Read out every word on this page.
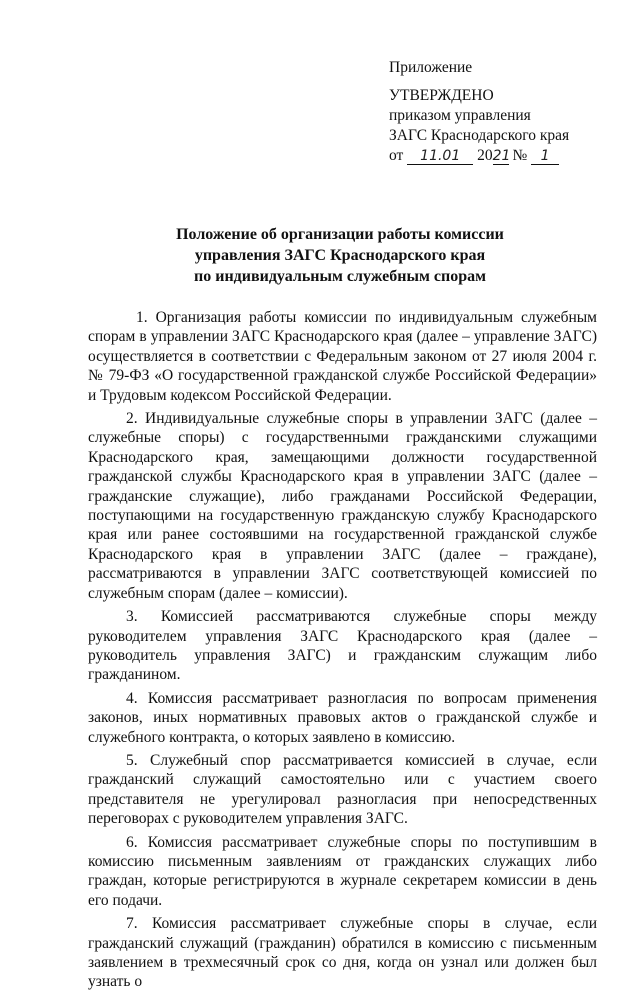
Приложение
УТВЕРЖДЕНО
приказом управления
ЗАГС Краснодарского края
от 11.01 2021 № 1
Положение об организации работы комиссии
управления ЗАГС Краснодарского края
по индивидуальным служебным спорам

1. Организация работы комиссии по индивидуальным служебным спорам в управлении ЗАГС Краснодарского края (далее – управление ЗАГС) осуществляется в соответствии с Федеральным законом от 27 июля 2004 г. № 79-ФЗ «О государственной гражданской службе Российской Федерации» и Трудовым кодексом Российской Федерации.

2. Индивидуальные служебные споры в управлении ЗАГС (далее – служебные споры) с государственными гражданскими служащими Краснодарского края, замещающими должности государственной гражданской службы Краснодарского края в управлении ЗАГС (далее – гражданские служащие), либо гражданами Российской Федерации, поступающими на государственную гражданскую службу Краснодарского края или ранее состоявшими на государственной гражданской службе Краснодарского края в управлении ЗАГС (далее – граждане), рассматриваются в управлении ЗАГС соответствующей комиссией по служебным спорам (далее – комиссии).

3. Комиссией рассматриваются служебные споры между руководителем управления ЗАГС Краснодарского края (далее – руководитель управления ЗАГС) и гражданским служащим либо гражданином.

4. Комиссия рассматривает разногласия по вопросам применения законов, иных нормативных правовых актов о гражданской службе и служебного контракта, о которых заявлено в комиссию.

5. Служебный спор рассматривается комиссией в случае, если гражданский служащий самостоятельно или с участием своего представителя не урегулировал разногласия при непосредственных переговорах с руководителем управления ЗАГС.

6. Комиссия рассматривает служебные споры по поступившим в комиссию письменным заявлениям от гражданских служащих либо граждан, которые регистрируются в журнале секретарем комиссии в день его подачи.

7. Комиссия рассматривает служебные споры в случае, если гражданский служащий (гражданин) обратился в комиссию с письменным заявлением в трехмесячный срок со дня, когда он узнал или должен был узнать о
